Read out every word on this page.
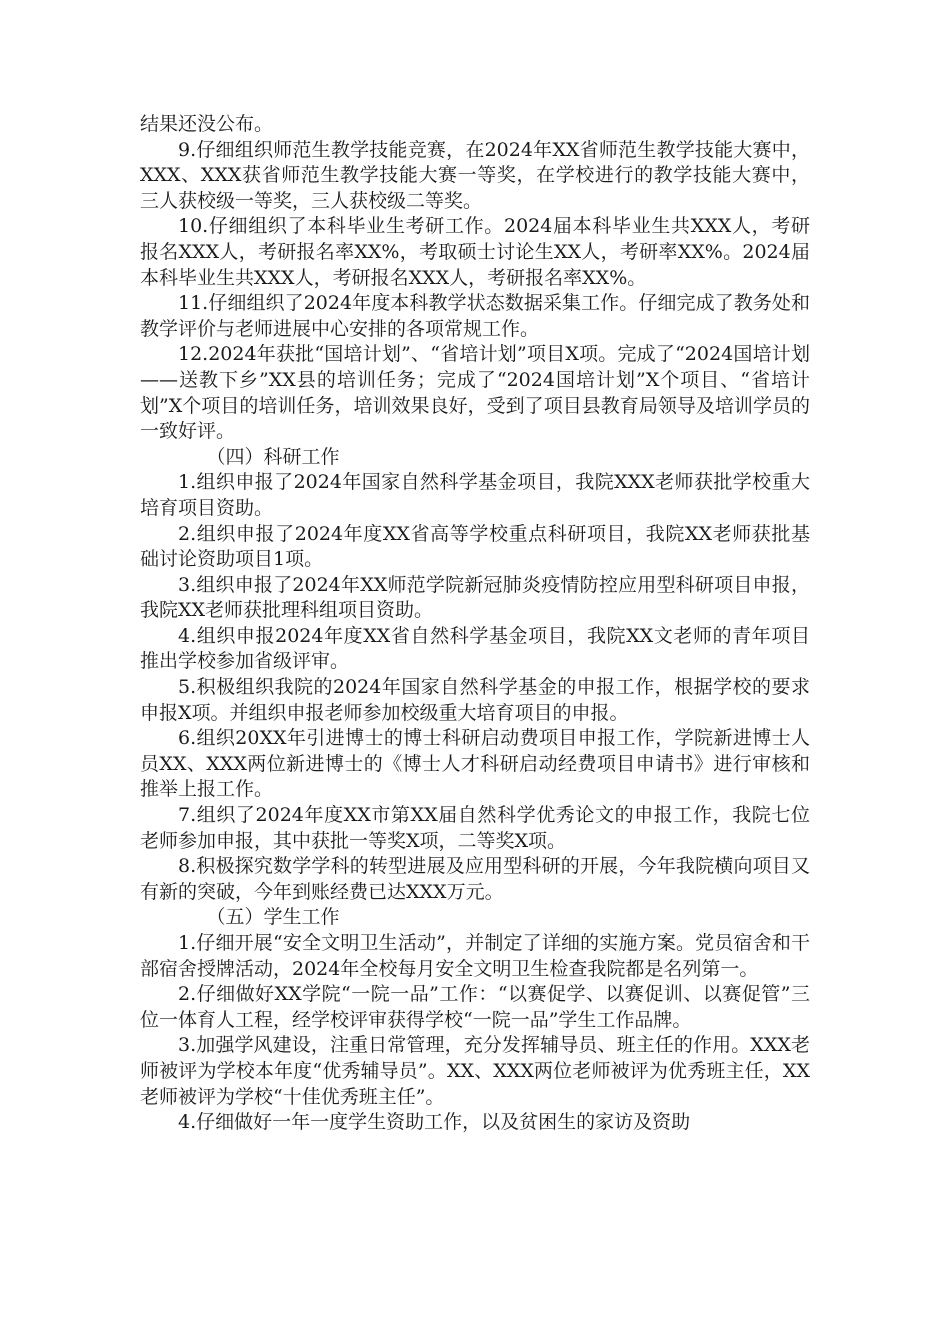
结果还没公布。

9.仔细组织师范生教学技能竞赛，在2024年XX省师范生教学技能大赛中，XXX、XXX获省师范生教学技能大赛一等奖，在学校进行的教学技能大赛中，三人获校级一等奖，三人获校级二等奖。

10.仔细组织了本科毕业生考研工作。2024届本科毕业生共XXX人，考研报名XXX人，考研报名率XX%，考取硕士讨论生XX人，考研率XX%。2024届本科毕业生共XXX人，考研报名XXX人，考研报名率XX%。

11.仔细组织了2024年度本科教学状态数据采集工作。仔细完成了教务处和教学评价与老师进展中心安排的各项常规工作。

12.2024年获批“国培计划”、“省培计划”项目X项。完成了“2024国培计划——送教下乡”XX县的培训任务；完成了“2024国培计划”X个项目、“省培计划”X个项目的培训任务，培训效果良好，受到了项目县教育局领导及培训学员的一致好评。

（四）科研工作

1.组织申报了2024年国家自然科学基金项目，我院XXX老师获批学校重大培育项目资助。

2.组织申报了2024年度XX省高等学校重点科研项目，我院XX老师获批基础讨论资助项目1项。

3.组织申报了2024年XX师范学院新冠肺炎疫情防控应用型科研项目申报，我院XX老师获批理科组项目资助。

4.组织申报2024年度XX省自然科学基金项目，我院XX文老师的青年项目推出学校参加省级评审。

5.积极组织我院的2024年国家自然科学基金的申报工作，根据学校的要求申报X项。并组织申报老师参加校级重大培育项目的申报。

6.组织20XX年引进博士的博士科研启动费项目申报工作，学院新进博士人员XX、XXX两位新进博士的《博士人才科研启动经费项目申请书》进行审核和推举上报工作。

7.组织了2024年度XX市第XX届自然科学优秀论文的申报工作，我院七位老师参加申报，其中获批一等奖X项，二等奖X项。

8.积极探究数学学科的转型进展及应用型科研的开展，今年我院横向项目又有新的突破，今年到账经费已达XXX万元。

（五）学生工作

1.仔细开展“安全文明卫生活动”，并制定了详细的实施方案。党员宿舍和干部宿舍授牌活动，2024年全校每月安全文明卫生检查我院都是名列第一。

2.仔细做好XX学院“一院一品”工作：“以赛促学、以赛促训、以赛促管”三位一体育人工程，经学校评审获得学校“一院一品”学生工作品牌。

3.加强学风建设，注重日常管理，充分发挥辅导员、班主任的作用。XXX老师被评为学校本年度“优秀辅导员”。XX、XXX两位老师被评为优秀班主任，XX老师被评为学校“十佳优秀班主任”。

4.仔细做好一年一度学生资助工作，以及贫困生的家访及资助
